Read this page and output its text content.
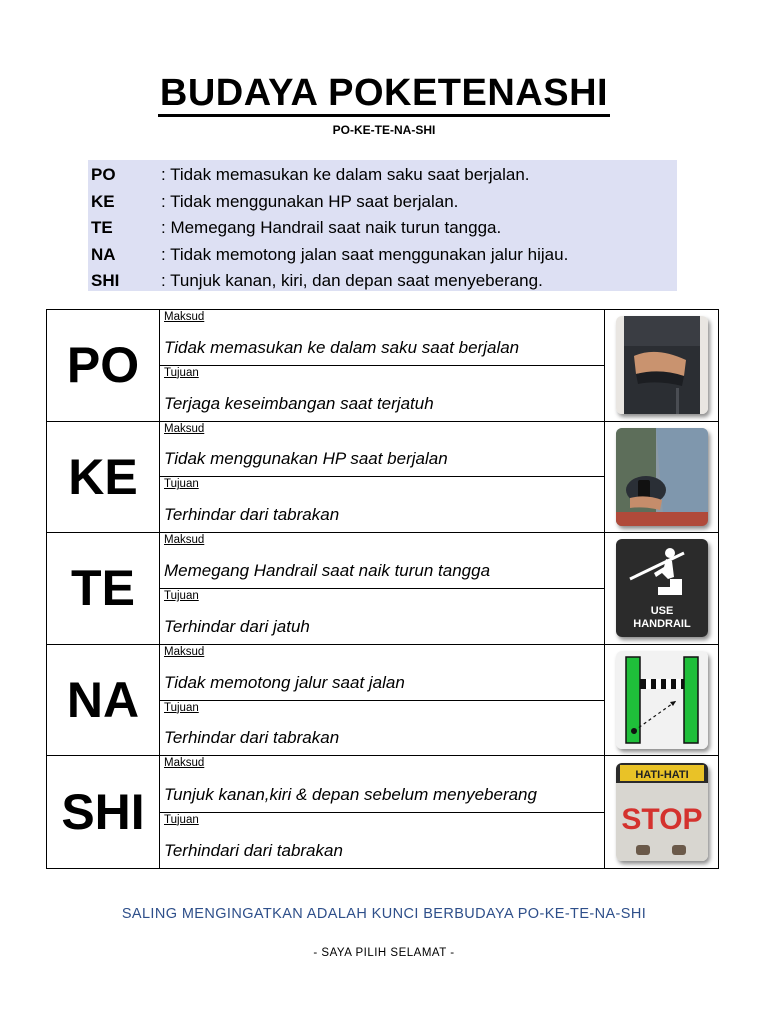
BUDAYA POKETENASHI
PO-KE-TE-NA-SHI
PO	: Tidak memasukan ke dalam saku saat berjalan.
KE	: Tidak menggunakan HP saat berjalan.
TE	: Memegang Handrail saat naik turun tangga.
NA	: Tidak memotong jalan saat menggunakan jalur hijau.
SHI	: Tunjuk kanan, kiri, dan depan saat menyeberang.
PO
Maksud
Tidak memasukan ke dalam saku saat berjalan
Tujuan
Terjaga keseimbangan saat terjatuh
KE
Maksud
Tidak menggunakan HP saat berjalan
Tujuan
Terhindar dari tabrakan
TE
Maksud
Memegang Handrail saat naik turun tangga
Tujuan
Terhindar dari jatuh
USE
HANDRAIL
NA
Maksud
Tidak memotong jalur saat jalan
Tujuan
Terhindar dari tabrakan
SHI
Maksud
Tunjuk kanan,kiri & depan sebelum menyeberang
Tujuan
Terhindari dari tabrakan
HATI-HATI
STOP
SALING MENGINGATKAN ADALAH KUNCI BERBUDAYA PO-KE-TE-NA-SHI
- SAYA PILIH SELAMAT -
